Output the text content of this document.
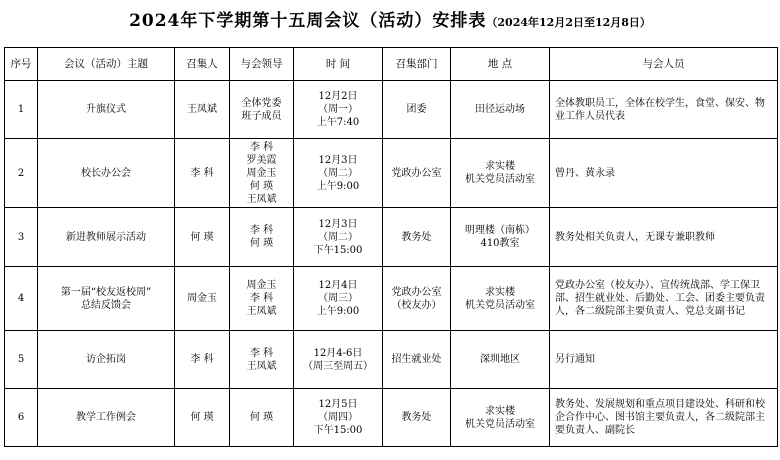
2024年下学期第十五周会议（活动）安排表（2024年12月2日至12月8日）
序号	会议（活动）主题	召集人	与会领导	时 间	召集部门	地 点	与会人员
1	升旗仪式	王凤斌	全体党委
班子成员	12月2日
（周一）
上午7:40	团委	田径运动场	全体教职员工，全体在校学生，食堂、保安、物业工作人员代表
2	校长办公会	李 科	李 科
罗美霞
周金玉
何 瑛
王凤斌	12月3日
（周二）
上午9:00	党政办公室	求实楼
机关党员活动室	曾丹、黄永录
3	新进教师展示活动	何 瑛	李 科
何 瑛	12月3日
（周二）
下午15:00	教务处	明理楼（南栋）
410教室	教务处相关负责人，无课专兼职教师
4	第一届“校友返校周”
总结反馈会	周金玉	周金玉
李 科
王凤斌	12月4日
（周三）
上午9:00	党政办公室
（校友办）	求实楼
机关党员活动室	党政办公室（校友办）、宣传统战部、学工保卫部、招生就业处、后勤处、工会、团委主要负责人，各二级院部主要负责人、党总支副书记
5	访企拓岗	李 科	李 科
王凤斌	12月4-6日
（周三至周五）	招生就业处	深圳地区	另行通知
6	教学工作例会	何 瑛	何 瑛	12月5日
（周四）
下午15:00	教务处	求实楼
机关党员活动室	教务处、发展规划和重点项目建设处、科研和校企合作中心、图书馆主要负责人，各二级院部主要负责人、副院长
